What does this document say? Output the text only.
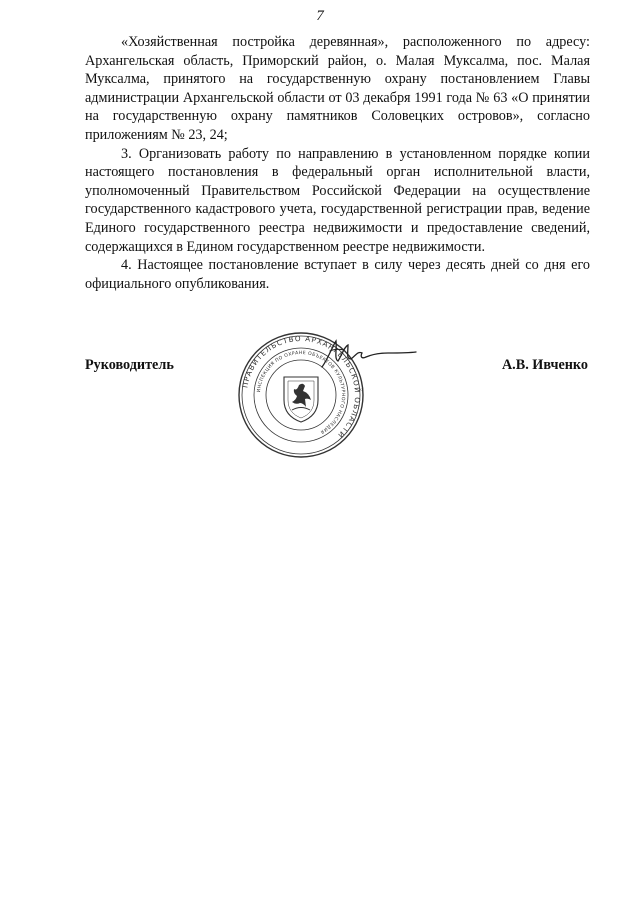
7

«Хозяйственная постройка деревянная», расположенного по адресу: Архангельская область, Приморский район, о. Малая Муксалма, пос. Малая Муксалма, принятого на государственную охрану постановлением Главы администрации Архангельской области от 03 декабря 1991 года № 63 «О принятии на государственную охрану памятников Соловецких островов», согласно приложениям № 23, 24;

3. Организовать работу по направлению в установленном порядке копии настоящего постановления в федеральный орган исполнительной власти, уполномоченный Правительством Российской Федерации на осуществление государственного кадастрового учета, государственной регистрации прав, ведение Единого государственного реестра недвижимости и предоставление сведений, содержащихся в Едином государственном реестре недвижимости.

4. Настоящее постановление вступает в силу через десять дней со дня его официального опубликования.

Руководитель	А.В. Ивченко
ПРАВИТЕЛЬСТВО АРХАНГЕЛЬСКОЙ ОБЛАСТИ
ИНСПЕКЦИЯ ПО ОХРАНЕ ОБЪЕКТОВ КУЛЬТУРНОГО НАСЛЕДИЯ
